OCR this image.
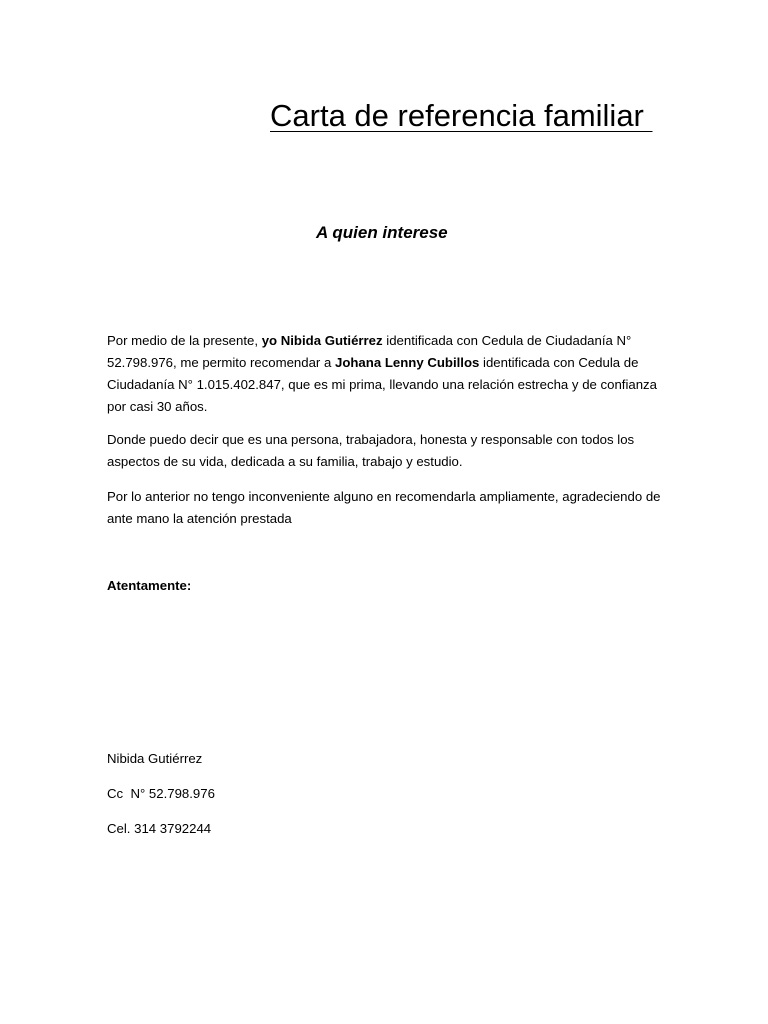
Carta de referencia familiar

A quien interese

Por medio de la presente, yo Nibida Gutiérrez identificada con Cedula de Ciudadanía N° 52.798.976, me permito recomendar a Johana Lenny Cubillos identificada con Cedula de Ciudadanía N° 1.015.402.847, que es mi prima, llevando una relación estrecha y de confianza por casi 30 años.

Donde puedo decir que es una persona, trabajadora, honesta y responsable con todos los aspectos de su vida, dedicada a su familia, trabajo y estudio.

Por lo anterior no tengo inconveniente alguno en recomendarla ampliamente, agradeciendo de ante mano la atención prestada

Atentamente:

Nibida Gutiérrez

Cc  N° 52.798.976

Cel. 314 3792244
